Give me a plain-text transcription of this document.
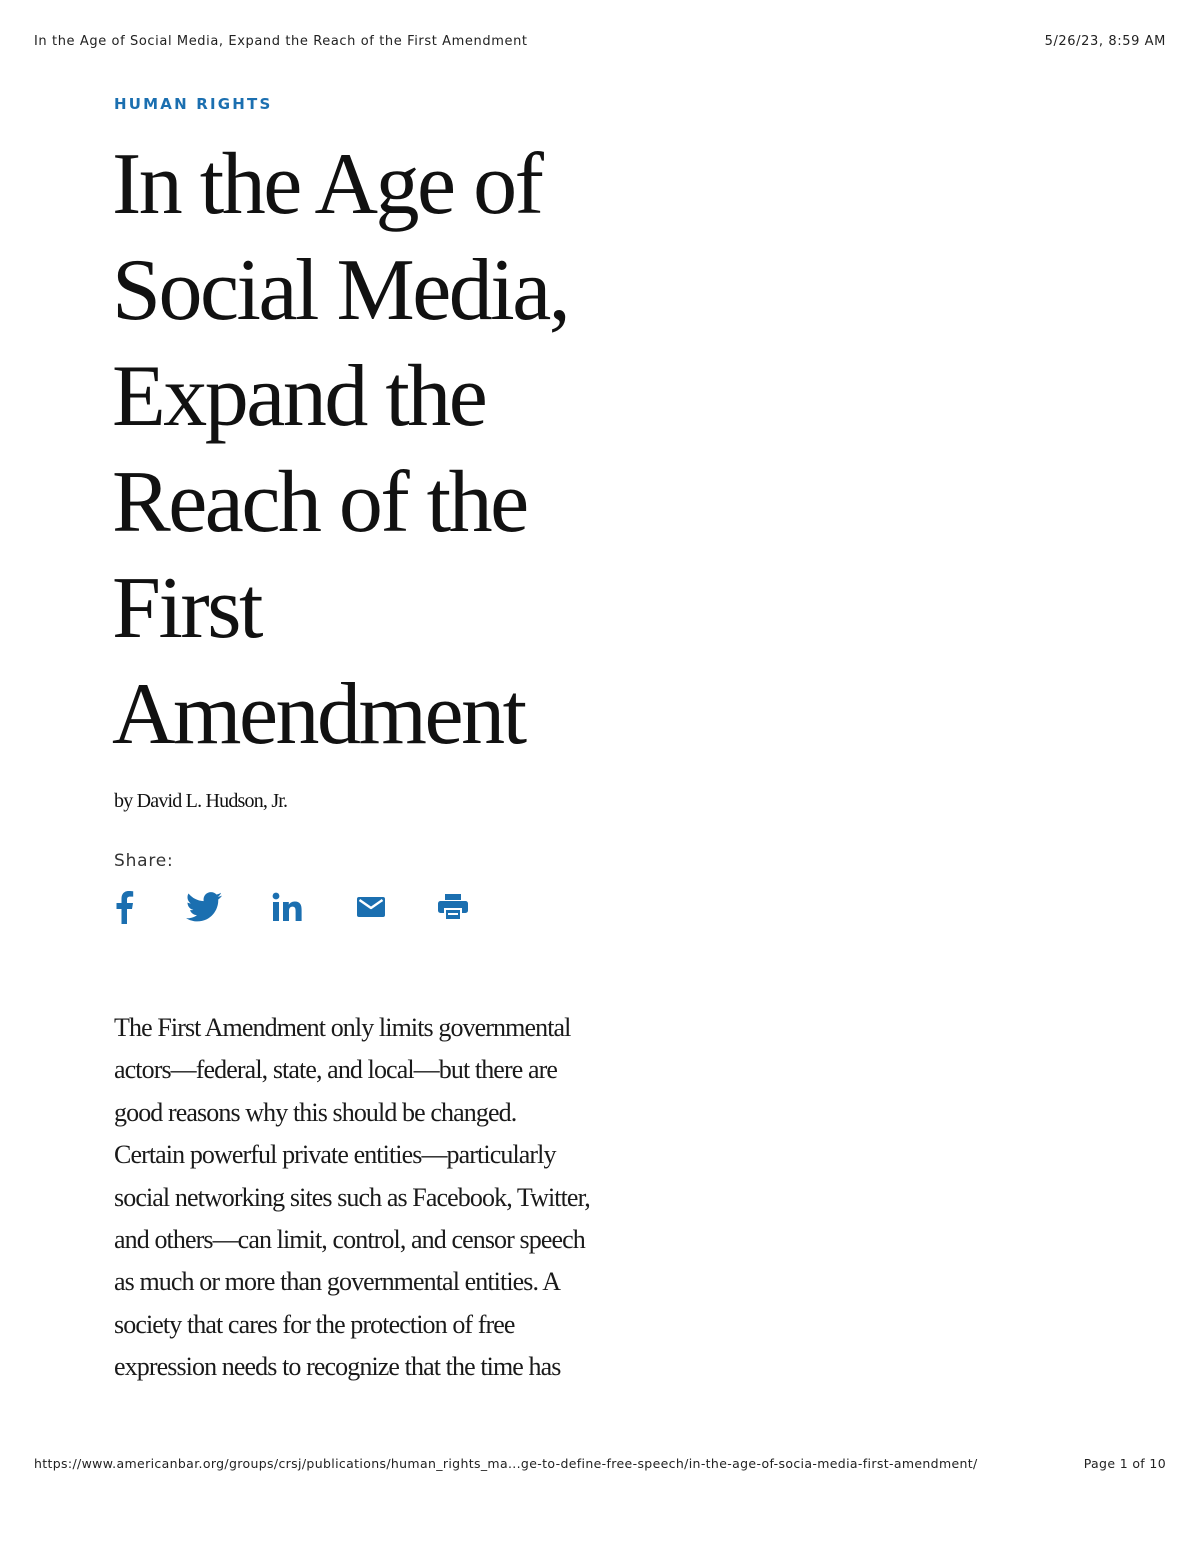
In the Age of Social Media, Expand the Reach of the First Amendment	5/26/23, 8:59 AM
HUMAN RIGHTS
In the Age of
Social Media,
Expand the
Reach of the
First
Amendment
by David L. Hudson, Jr.
Share:
The First Amendment only limits governmental
actors—federal, state, and local—but there are
good reasons why this should be changed.
Certain powerful private entities—particularly
social networking sites such as Facebook, Twitter,
and others—can limit, control, and censor speech
as much or more than governmental entities. A
society that cares for the protection of free
expression needs to recognize that the time has
https://www.americanbar.org/groups/crsj/publications/human_rights_ma...ge-to-define-free-speech/in-the-age-of-socia-media-first-amendment/	Page 1 of 10
